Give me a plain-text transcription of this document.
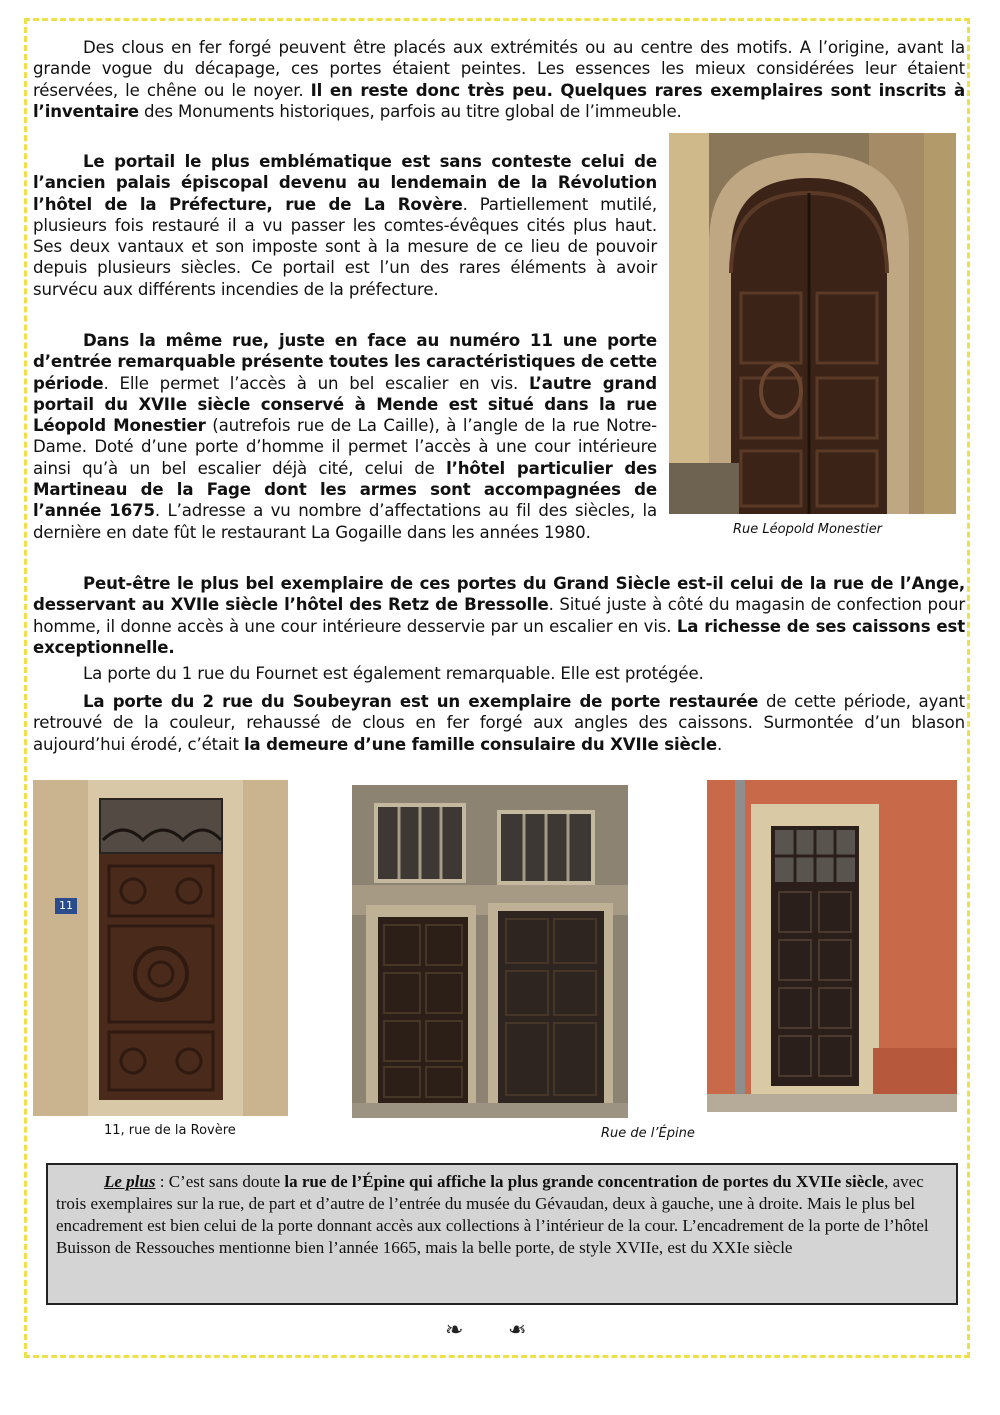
Des clous en fer forgé peuvent être placés aux extrémités ou au centre des motifs. A l’origine, avant la grande vogue du décapage, ces portes étaient peintes. Les essences les mieux considérées leur étaient réservées, le chêne ou le noyer. Il en reste donc très peu. Quelques rares exemplaires sont inscrits à l’inventaire des Monuments historiques, parfois au titre global de l’immeuble.

Le portail le plus emblématique est sans conteste celui de l’ancien palais épiscopal devenu au lendemain de la Révolution l’hôtel de la Préfecture, rue de La Rovère. Partiellement mutilé, plusieurs fois restauré il a vu passer les comtes-évêques cités plus haut. Ses deux vantaux et son imposte sont à la mesure de ce lieu de pouvoir depuis plusieurs siècles. Ce portail est l’un des rares éléments à avoir survécu aux différents incendies de la préfecture.

Dans la même rue, juste en face au numéro 11 une porte d’entrée remarquable présente toutes les caractéristiques de cette période. Elle permet l’accès à un bel escalier en vis. L’autre grand portail du XVIIe siècle conservé à Mende est situé dans la rue Léopold Monestier (autrefois rue de La Caille), à l’angle de la rue Notre-Dame. Doté d’une porte d’homme il permet l’accès à une cour intérieure ainsi qu’à un bel escalier déjà cité, celui de l’hôtel particulier des Martineau de la Fage dont les armes sont accompagnées de l’année 1675. L’adresse a vu nombre d’affectations au fil des siècles, la dernière en date fût le restaurant La Gogaille dans les années 1980.

Peut-être le plus bel exemplaire de ces portes du Grand Siècle est-il celui de la rue de l’Ange, desservant au XVIIe siècle l’hôtel des Retz de Bressolle. Situé juste à côté du magasin de confection pour homme, il donne accès à une cour intérieure desservie par un escalier en vis. La richesse de ses caissons est exceptionnelle.

La porte du 1 rue du Fournet est également remarquable. Elle est protégée.

La porte du 2 rue du Soubeyran est un exemplaire de porte restaurée de cette période, ayant retrouvé de la couleur, rehaussé de clous en fer forgé aux angles des caissons. Surmontée d’un blason aujourd’hui érodé, c’était la demeure d’une famille consulaire du XVIIe siècle.

Rue Léopold Monestier
11
11, rue de la Rovère	Rue de l’Épine
Le plus : C’est sans doute la rue de l’Épine qui affiche la plus grande concentration de portes du XVIIe siècle, avec trois exemplaires sur la rue, de part et d’autre de l’entrée du musée du Gévaudan, deux à gauche, une à droite. Mais le plus bel encadrement est bien celui de la porte donnant accès aux collections à l’intérieur de la cour. L’encadrement de la porte de l’hôtel Buisson de Ressouches mentionne bien l’année 1665, mais la belle porte, de style XVIIe, est du XXIe siècle
❧ ❧
